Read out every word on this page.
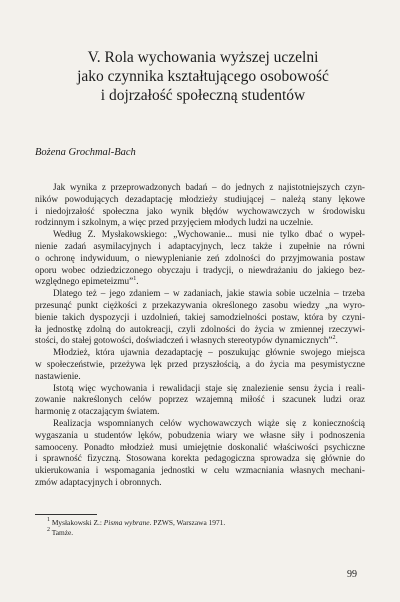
V. Rola wychowania wyższej uczelni
jako czynnika kształtującego osobowość
i dojrzałość społeczną studentów
Bożena Grochmal-Bach

Jak wynika z przeprowadzonych badań – do jednych z najistotniejszych czyn-
ników powodujących dezadaptację młodzieży studiującej – należą stany lękowe
i niedojrzałość społeczna jako wynik błędów wychowawczych w środowisku
rodzinnym i szkolnym, a więc przed przyjęciem młodych ludzi na uczelnie.

Według Z. Mysłakowskiego: „Wychowanie... musi nie tylko dbać o wypeł-
nienie zadań asymilacyjnych i adaptacyjnych, lecz także i zupełnie na równi
o ochronę indywiduum, o niewyplenianie zeń zdolności do przyjmowania postaw
oporu wobec odziedziczonego obyczaju i tradycji, o niewdrażaniu do jakiego bez-
względnego epimeteizmu”$^1$.

Dlatego też – jego zdaniem – w zadaniach, jakie stawia sobie uczelnia – trzeba
przesunąć punkt ciężkości z przekazywania określonego zasobu wiedzy „na wyro-
bienie takich dyspozycji i uzdolnień, takiej samodzielności postaw, która by czyni-
ła jednostkę zdolną do autokreacji, czyli zdolności do życia w zmiennej rzeczywi-
stości, do stałej gotowości, doświadczeń i własnych stereotypów dynamicznych”$^2$.

Młodzież, która ujawnia dezadaptację – poszukując głównie swojego miejsca
w społeczeństwie, przeżywa lęk przed przyszłością, a do życia ma pesymistyczne
nastawienie.

Istotą więc wychowania i rewalidacji staje się znalezienie sensu życia i reali-
zowanie nakreślonych celów poprzez wzajemną miłość i szacunek ludzi oraz
harmonię z otaczającym światem.

Realizacja wspomnianych celów wychowawczych wiąże się z koniecznością
wygaszania u studentów lęków, pobudzenia wiary we własne siły i podnoszenia
samooceny. Ponadto młodzież musi umiejętnie doskonalić właściwości psychiczne
i sprawność fizyczną. Stosowana korekta pedagogiczna sprowadza się głównie do
ukierukowania i wspomagania jednostki w celu wzmacniania własnych mechani-
zmów adaptacyjnych i obronnych.

$^1$ Mysłakowski Z.: Pisma wybrane. PZWS, Warszawa 1971.
$^2$ Tamże.
99
